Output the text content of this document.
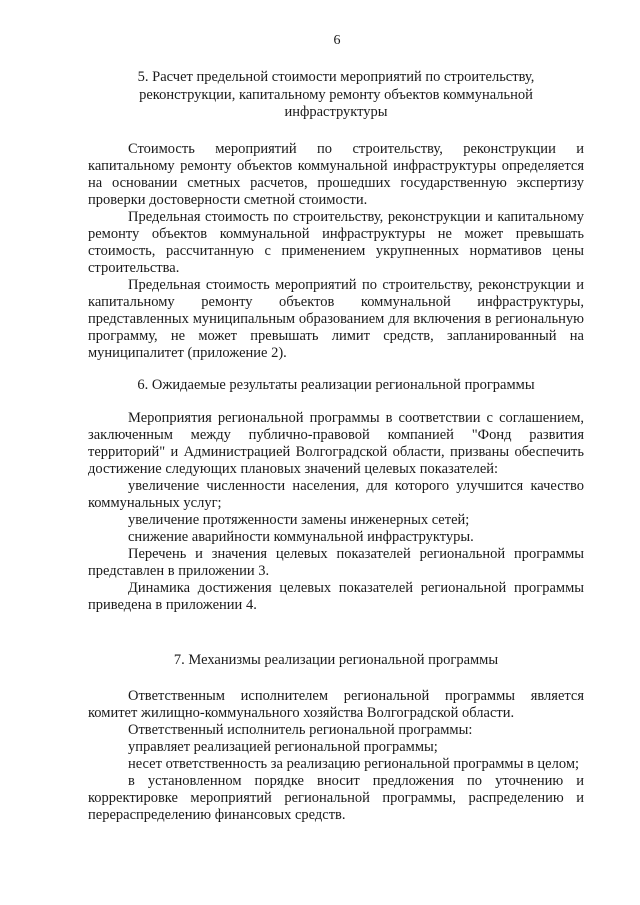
6
5. Расчет предельной стоимости мероприятий по строительству, реконструкции, капитальному ремонту объектов коммунальной инфраструктуры

Стоимость мероприятий по строительству, реконструкции и капитальному ремонту объектов коммунальной инфраструктуры определяется на основании сметных расчетов, прошедших государственную экспертизу проверки достоверности сметной стоимости.

Предельная стоимость по строительству, реконструкции и капитальному ремонту объектов коммунальной инфраструктуры не может превышать стоимость, рассчитанную с применением укрупненных нормативов цены строительства.

Предельная стоимость мероприятий по строительству, реконструкции и капитальному ремонту объектов коммунальной инфраструктуры, представленных муниципальным образованием для включения в региональную программу, не может превышать лимит средств, запланированный на муниципалитет (приложение 2).

6. Ожидаемые результаты реализации региональной программы

Мероприятия региональной программы в соответствии с соглашением, заключенным между публично-правовой компанией "Фонд развития территорий" и Администрацией Волгоградской области, призваны обеспечить достижение следующих плановых значений целевых показателей:

увеличение численности населения, для которого улучшится качество коммунальных услуг;

увеличение протяженности замены инженерных сетей;

снижение аварийности коммунальной инфраструктуры.

Перечень и значения целевых показателей региональной программы представлен в приложении 3.

Динамика достижения целевых показателей региональной программы приведена в приложении 4.

7. Механизмы реализации региональной программы

Ответственным исполнителем региональной программы является комитет жилищно-коммунального хозяйства Волгоградской области.

Ответственный исполнитель региональной программы:

управляет реализацией региональной программы;

несет ответственность за реализацию региональной программы в целом;

в установленном порядке вносит предложения по уточнению и корректировке мероприятий региональной программы, распределению и перераспределению финансовых средств.
